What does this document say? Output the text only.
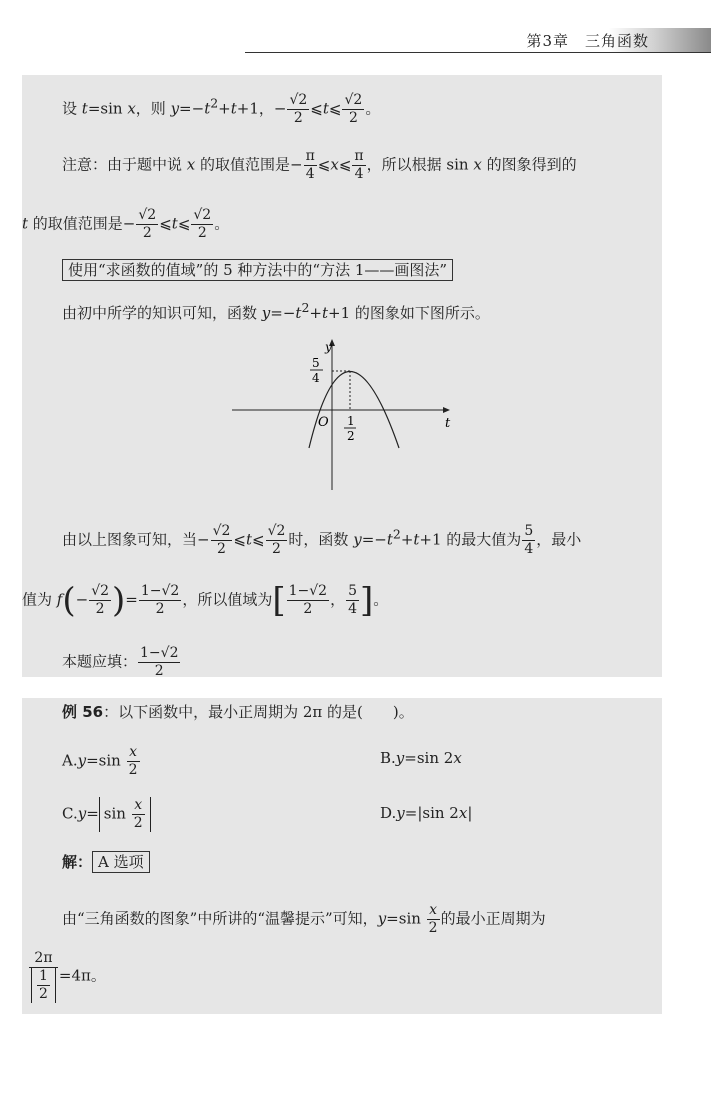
第3章　三角函数
设 t=sin x，则 $y=-t^2+t+1$，− $\frac{√2}{2}$ ⩽t⩽ $\frac{√2}{2}$ 。
注意：由于题中说 x 的取值范围是− $\frac{\pi}{4}$ ⩽x⩽ $\frac{\pi}{4}$ ，所以根据 sin x 的图象得到的
t 的取值范围是− $\frac{√2}{2}$ ⩽t⩽ $\frac{√2}{2}$ 。
使用“求函数的值域”的 5 种方法中的“方法 1——画图法”
由初中所学的知识可知，函数 $y=-t^2+t+1$ 的图象如下图所示。
y
t
O
5
4
1
2
由以上图象可知，当− $\frac{√2}{2}$ ⩽t⩽ $\frac{√2}{2}$ 时，函数 $y=-t^2+t+1$ 的最大值为 $\frac{5}{4}$ ，最小
值为 $f(- \frac{√2}{2}$ )= $\frac{1-√2}{2}$ ，所以值域为[ $\frac{1-√2}{2}$ ， $\frac{5}{4}$ ]。
本题应填： $\frac{1-√2}{2}$
例 56：以下函数中，最小正周期为 2π 的是(　　)。
$A.y=\sin \frac{x}{2}$	B.y=sin 2x
$C.y= \sin \frac{x}{2}$	D.y=|sin 2x|
解： A 选项
由“三角函数的图象”中所讲的“温馨提示”可知，$y=\sin \frac{x}{2}$ 的最小正周期为
$\frac{2\pi}{\frac{1}{2}} =4\pi$。
